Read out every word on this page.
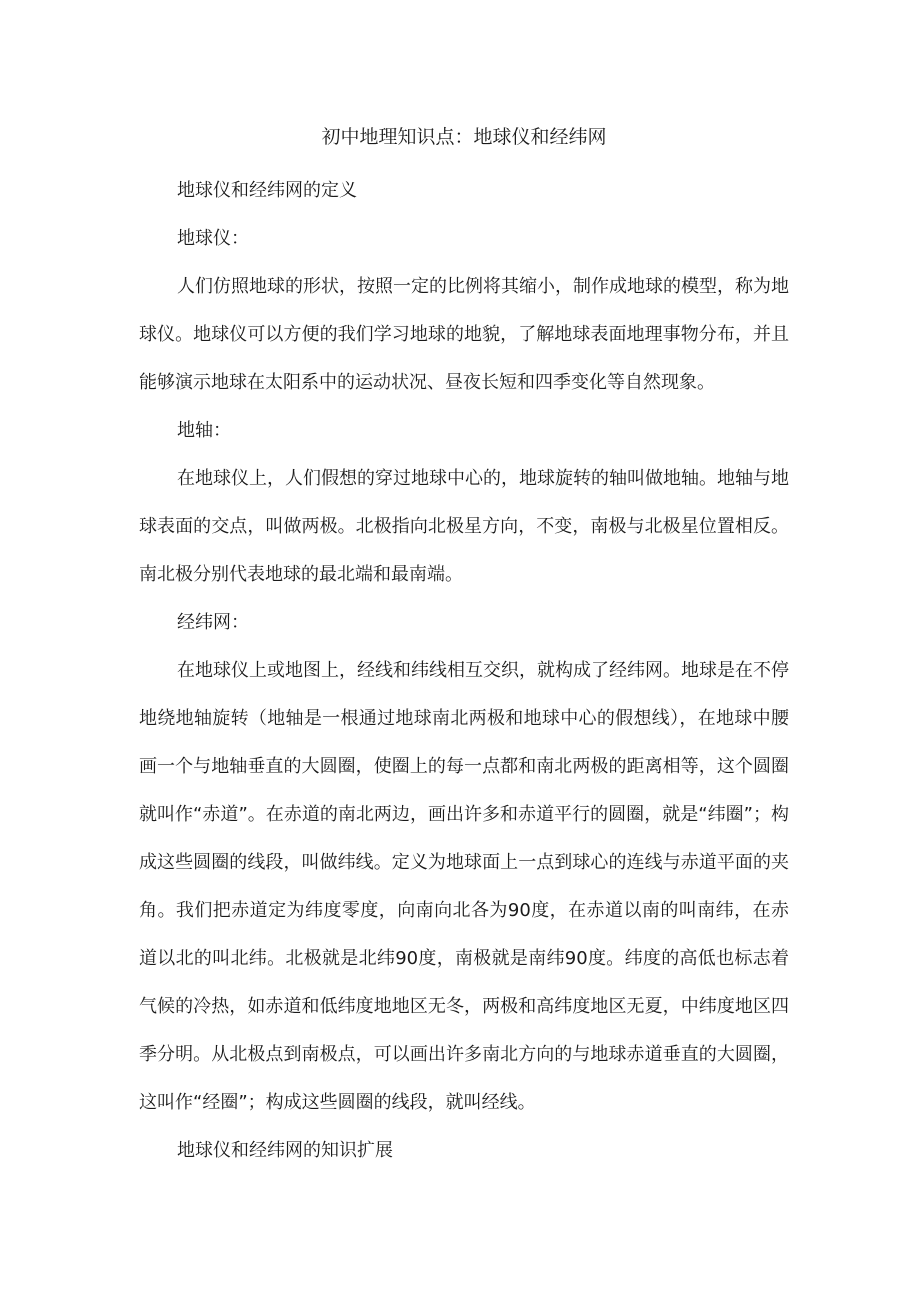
初中地理知识点：地球仪和经纬网

地球仪和经纬网的定义

地球仪：

人们仿照地球的形状，按照一定的比例将其缩小，制作成地球的模型，称为地球仪。地球仪可以方便的我们学习地球的地貌，了解地球表面地理事物分布，并且能够演示地球在太阳系中的运动状况、昼夜长短和四季变化等自然现象。

地轴：

在地球仪上，人们假想的穿过地球中心的，地球旋转的轴叫做地轴。地轴与地球表面的交点，叫做两极。北极指向北极星方向，不变，南极与北极星位置相反。南北极分别代表地球的最北端和最南端。

经纬网：

在地球仪上或地图上，经线和纬线相互交织，就构成了经纬网。地球是在不停地绕地轴旋转（地轴是一根通过地球南北两极和地球中心的假想线），在地球中腰画一个与地轴垂直的大圆圈，使圈上的每一点都和南北两极的距离相等，这个圆圈就叫作“赤道”。在赤道的南北两边，画出许多和赤道平行的圆圈，就是“纬圈”；构成这些圆圈的线段，叫做纬线。定义为地球面上一点到球心的连线与赤道平面的夹角。我们把赤道定为纬度零度，向南向北各为90度，在赤道以南的叫南纬，在赤道以北的叫北纬。北极就是北纬90度，南极就是南纬90度。纬度的高低也标志着气候的冷热，如赤道和低纬度地地区无冬，两极和高纬度地区无夏，中纬度地区四季分明。从北极点到南极点，可以画出许多南北方向的与地球赤道垂直的大圆圈，这叫作“经圈”；构成这些圆圈的线段，就叫经线。

地球仪和经纬网的知识扩展
